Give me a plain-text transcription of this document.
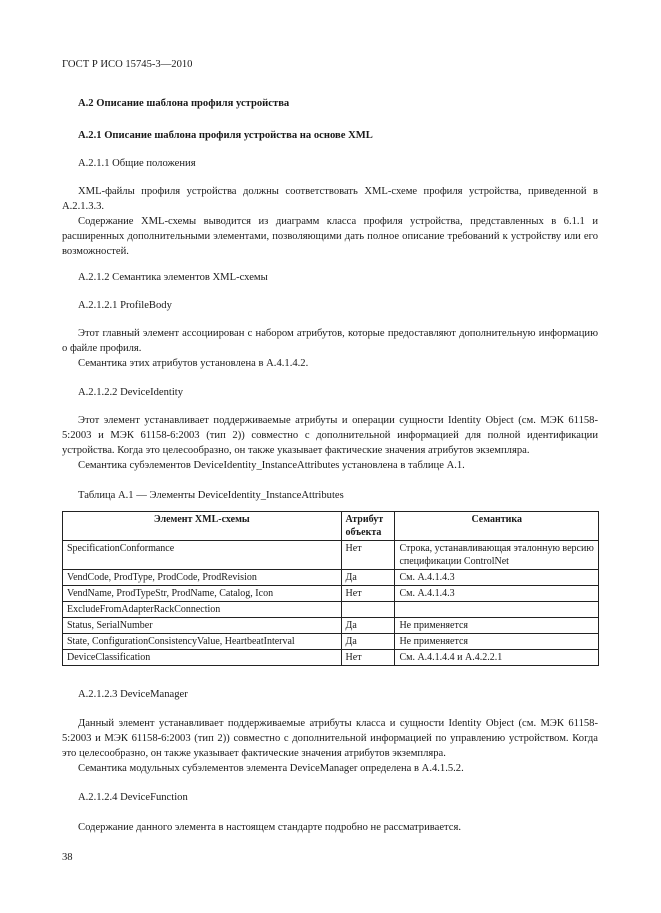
ГОСТ Р ИСО 15745-3—2010
А.2 Описание шаблона профиля устройства
А.2.1 Описание шаблона профиля устройства на основе XML
А.2.1.1 Общие положения
XML-файлы профиля устройства должны соответствовать XML-схеме профиля устройства, приведенной в А.2.1.3.3.
Содержание XML-схемы выводится из диаграмм класса профиля устройства, представленных в 6.1.1 и расширенных дополнительными элементами, позволяющими дать полное описание требований к устройству или его возможностей.
А.2.1.2 Семантика элементов XML-схемы
А.2.1.2.1 ProfileBody
Этот главный элемент ассоциирован с набором атрибутов, которые предоставляют дополнительную информацию о файле профиля.
Семантика этих атрибутов установлена в А.4.1.4.2.
А.2.1.2.2 DeviceIdentity
Этот элемент устанавливает поддерживаемые атрибуты и операции сущности Identity Object (см. МЭК 61158-5:2003 и МЭК 61158-6:2003 (тип 2)) совместно с дополнительной информацией для полной идентификации устройства. Когда это целесообразно, он также указывает фактические значения атрибутов экземпляра.
Семантика субэлементов DeviceIdentity_InstanceAttributes установлена в таблице А.1.
Таблица А.1 — Элементы DeviceIdentity_InstanceAttributes
Элемент XML-схемы	Атрибут объекта	Семантика
SpecificationConformance	Нет	Строка, устанавливающая эталонную версию спецификации ControlNet
VendCode, ProdType, ProdCode, ProdRevision	Да	См. А.4.1.4.3
VendName, ProdTypeStr, ProdName, Catalog, Icon	Нет	См. А.4.1.4.3
ExcludeFromAdapterRackConnection		
Status, SerialNumber	Да	Не применяется
State, ConfigurationConsistencyValue, HeartbeatInterval	Да	Не применяется
DeviceClassification	Нет	См. А.4.1.4.4 и А.4.2.2.1
А.2.1.2.3 DeviceManager
Данный элемент устанавливает поддерживаемые атрибуты класса и сущности Identity Object (см. МЭК 61158-5:2003 и МЭК 61158-6:2003 (тип 2)) совместно с дополнительной информацией по управлению устройством. Когда это целесообразно, он также указывает фактические значения атрибутов экземпляра.
Семантика модульных субэлементов элемента DeviceManager определена в А.4.1.5.2.
А.2.1.2.4 DeviceFunction
Содержание данного элемента в настоящем стандарте подробно не рассматривается.
38
